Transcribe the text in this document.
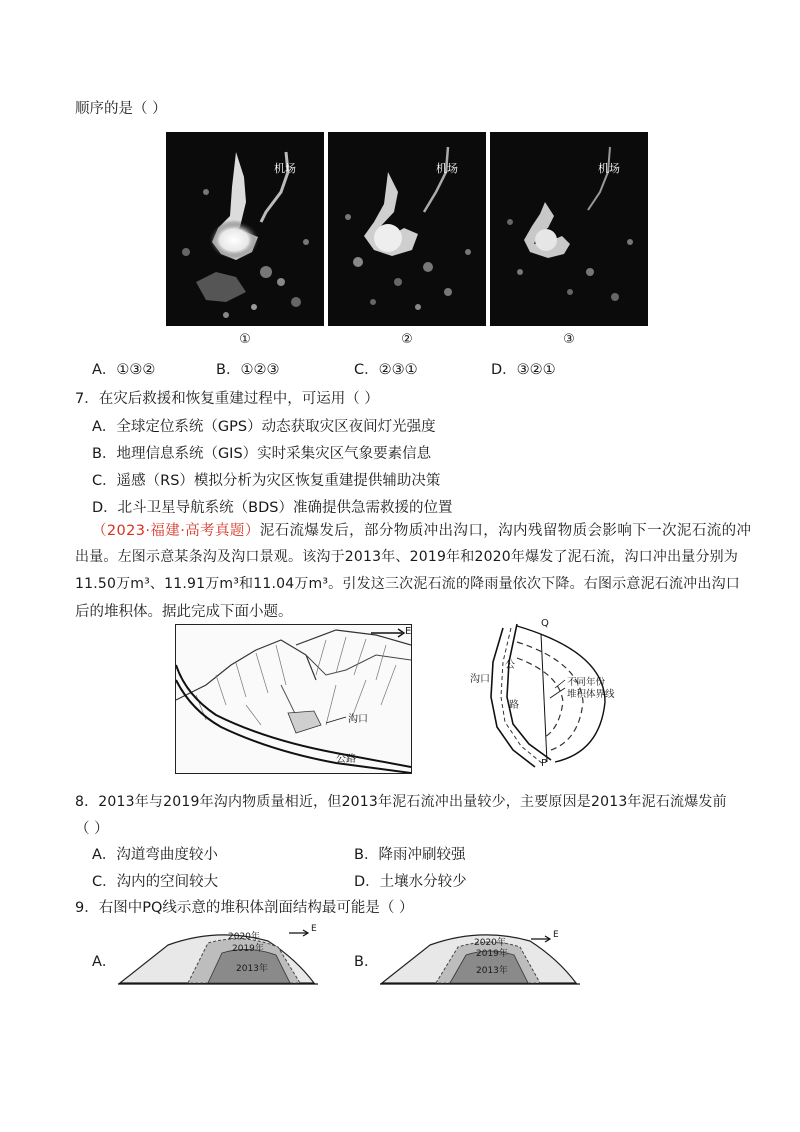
顺序的是（ ）
机场	机场	机场
①	②	③
A．①③②	B．①②③	C．②③①	D．③②①
7．在灾后救援和恢复重建过程中，可运用（ ）
A．全球定位系统（GPS）动态获取灾区夜间灯光强度
B．地理信息系统（GIS）实时采集灾区气象要素信息
C．遥感（RS）模拟分析为灾区恢复重建提供辅助决策
D．北斗卫星导航系统（BDS）准确提供急需救援的位置
（2023·福建·高考真题）泥石流爆发后，部分物质冲出沟口，沟内残留物质会影响下一次泥石流的冲
出量。左图示意某条沟及沟口景观。该沟于2013年、2019年和2020年爆发了泥石流，沟口冲出量分别为
11.50万m³、11.91万m³和11.04万m³。引发这三次泥石流的降雨量依次下降。右图示意泥石流冲出沟口
后的堆积体。据此完成下面小题。
E
沟口
公路
Q
P
沟口
公
路
不同年份
堆积体界线
8．2013年与2019年沟内物质量相近，但2013年泥石流冲出量较少，主要原因是2013年泥石流爆发前
（ ）
A．沟道弯曲度较小	B．降雨冲刷较强
C．沟内的空间较大	D．土壤水分较少
9．右图中PQ线示意的堆积体剖面结构最可能是（ ）
A．
2020年
2019年
2013年
E
B．
2020年
2019年
2013年
E
